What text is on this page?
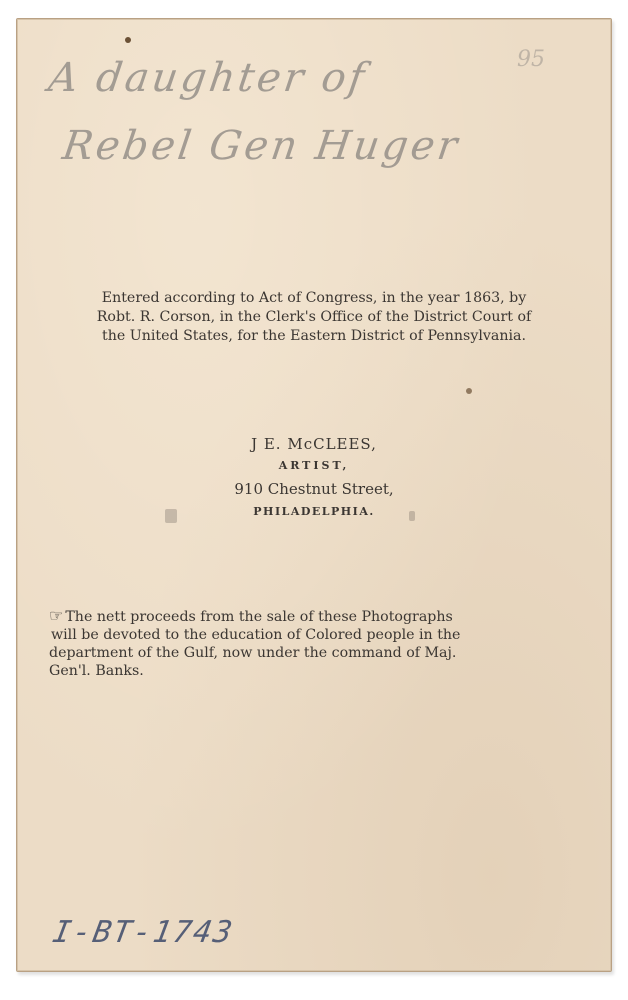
A daughter of
Rebel Gen Huger
95
Entered according to Act of Congress, in the year 1863, by
Robt. R. Corson, in the Clerk's Office of the District Court of
the United States, for the Eastern District of Pennsylvania.
J E. McCLEES,
ARTIST,
910 Chestnut Street,
PHILADELPHIA.
☞ The nett proceeds from the sale of these Photographs
will be devoted to the education of Colored people in the
department of the Gulf, now under the command of Maj.
Gen'l. Banks.
I-BT-1743
